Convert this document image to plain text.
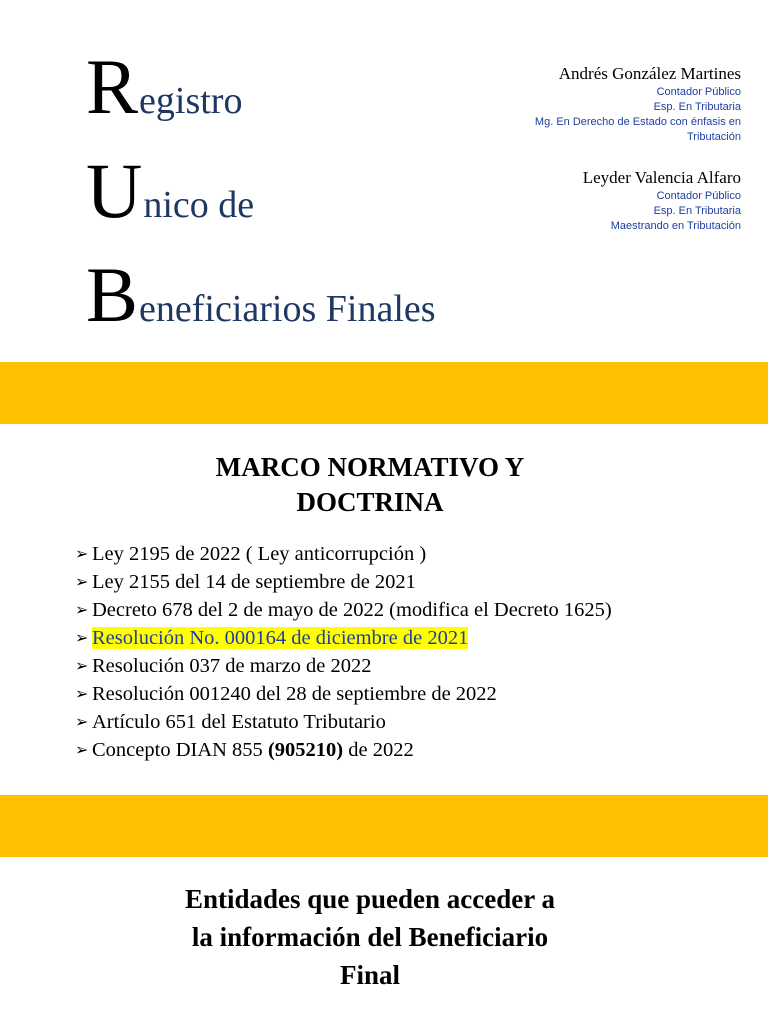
Registro
Unico de
Beneficiarios Finales
Andrés González Martines
Contador Público
Esp. En Tributaria
Mg. En Derecho de Estado con énfasis en
Tributación
Leyder Valencia Alfaro
Contador Público
Esp. En Tributaria
Maestrando en Tributación
MARCO NORMATIVO Y
DOCTRINA
➢ Ley 2195 de 2022 ( Ley anticorrupción )
➢ Ley 2155 del 14 de septiembre de 2021
➢ Decreto 678 del 2 de mayo de 2022 (modifica el Decreto 1625)
➢ Resolución No. 000164 de diciembre de 2021
➢ Resolución 037 de marzo de 2022
➢ Resolución 001240 del 28 de septiembre de 2022
➢ Artículo 651 del Estatuto Tributario
➢ Concepto DIAN 855 (905210) de 2022
Entidades que pueden acceder a
la información del Beneficiario
Final
